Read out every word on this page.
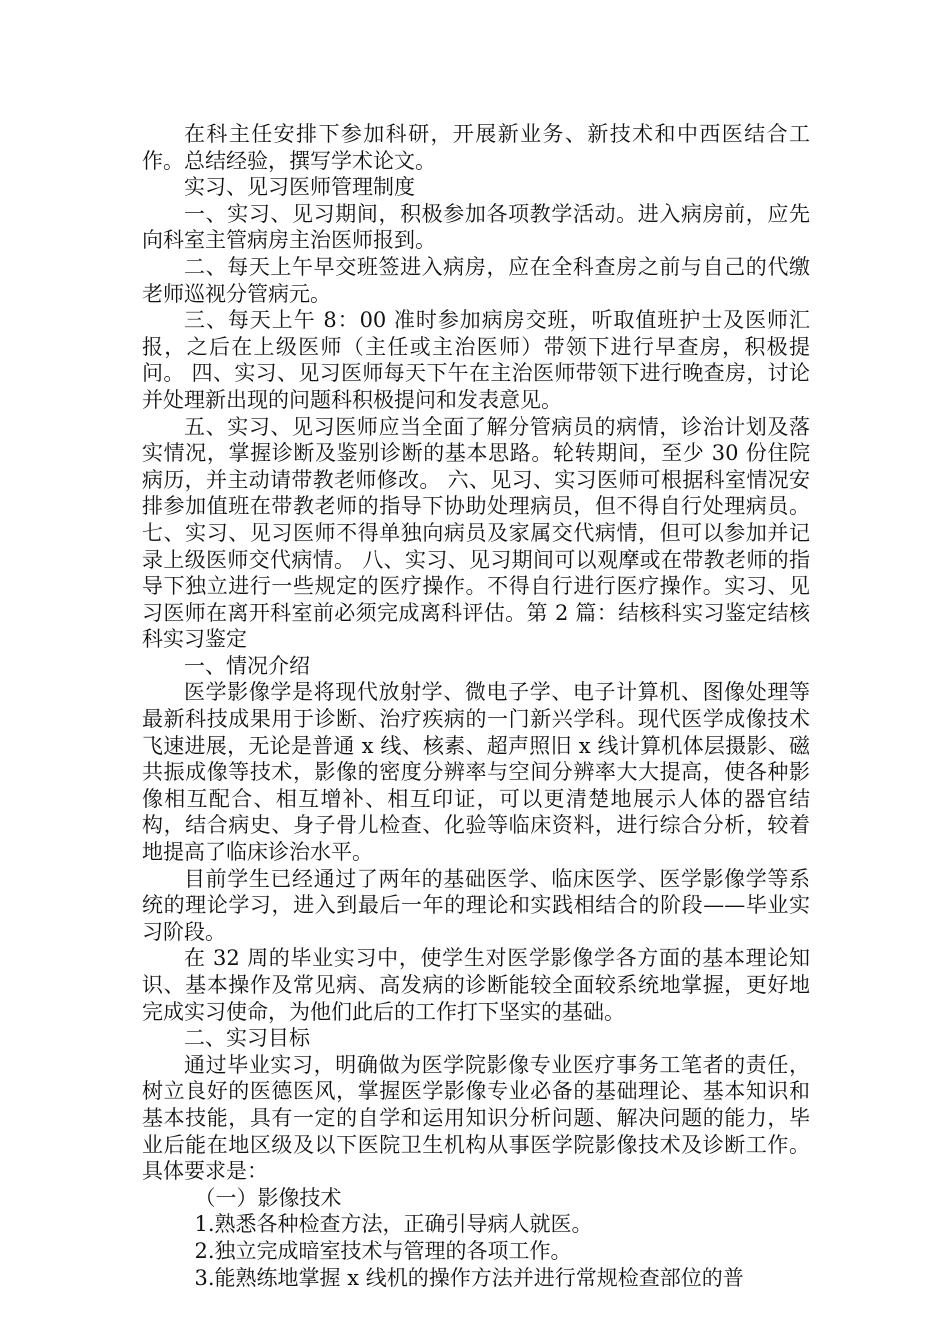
在科主任安排下参加科研，开展新业务、新技术和中西医结合工作。总结经验，撰写学术论文。

实习、见习医师管理制度

一、实习、见习期间，积极参加各项教学活动。进入病房前，应先向科室主管病房主治医师报到。

二、每天上午早交班签进入病房，应在全科查房之前与自己的代缴老师巡视分管病元。

三、每天上午 8：00 准时参加病房交班，听取值班护士及医师汇报，之后在上级医师（主任或主治医师）带领下进行早查房，积极提问。 四、实习、见习医师每天下午在主治医师带领下进行晚查房，讨论并处理新出现的问题科积极提问和发表意见。

五、实习、见习医师应当全面了解分管病员的病情，诊治计划及落实情况，掌握诊断及鉴别诊断的基本思路。轮转期间，至少 30 份住院病历，并主动请带教老师修改。 六、见习、实习医师可根据科室情况安排参加值班在带教老师的指导下协助处理病员，但不得自行处理病员。 七、实习、见习医师不得单独向病员及家属交代病情，但可以参加并记录上级医师交代病情。 八、实习、见习期间可以观摩或在带教老师的指导下独立进行一些规定的医疗操作。不得自行进行医疗操作。实习、见习医师在离开科室前必须完成离科评估。第 2 篇：结核科实习鉴定结核科实习鉴定

一、情况介绍

医学影像学是将现代放射学、微电子学、电子计算机、图像处理等最新科技成果用于诊断、治疗疾病的一门新兴学科。现代医学成像技术飞速进展，无论是普通 x 线、核素、超声照旧 x 线计算机体层摄影、磁共振成像等技术，影像的密度分辨率与空间分辨率大大提高，使各种影像相互配合、相互增补、相互印证，可以更清楚地展示人体的器官结构，结合病史、身子骨儿检查、化验等临床资料，进行综合分析，较着地提高了临床诊治水平。

目前学生已经通过了两年的基础医学、临床医学、医学影像学等系统的理论学习，进入到最后一年的理论和实践相结合的阶段——毕业实习阶段。

在 32 周的毕业实习中，使学生对医学影像学各方面的基本理论知识、基本操作及常见病、高发病的诊断能较全面较系统地掌握，更好地完成实习使命，为他们此后的工作打下坚实的基础。

二、实习目标

通过毕业实习，明确做为医学院影像专业医疗事务工笔者的责任，树立良好的医德医风，掌握医学影像专业必备的基础理论、基本知识和基本技能，具有一定的自学和运用知识分析问题、解决问题的能力，毕业后能在地区级及以下医院卫生机构从事医学院影像技术及诊断工作。具体要求是：

（一）影像技术

1.熟悉各种检查方法，正确引导病人就医。

2.独立完成暗室技术与管理的各项工作。

3.能熟练地掌握 x 线机的操作方法并进行常规检查部位的普
